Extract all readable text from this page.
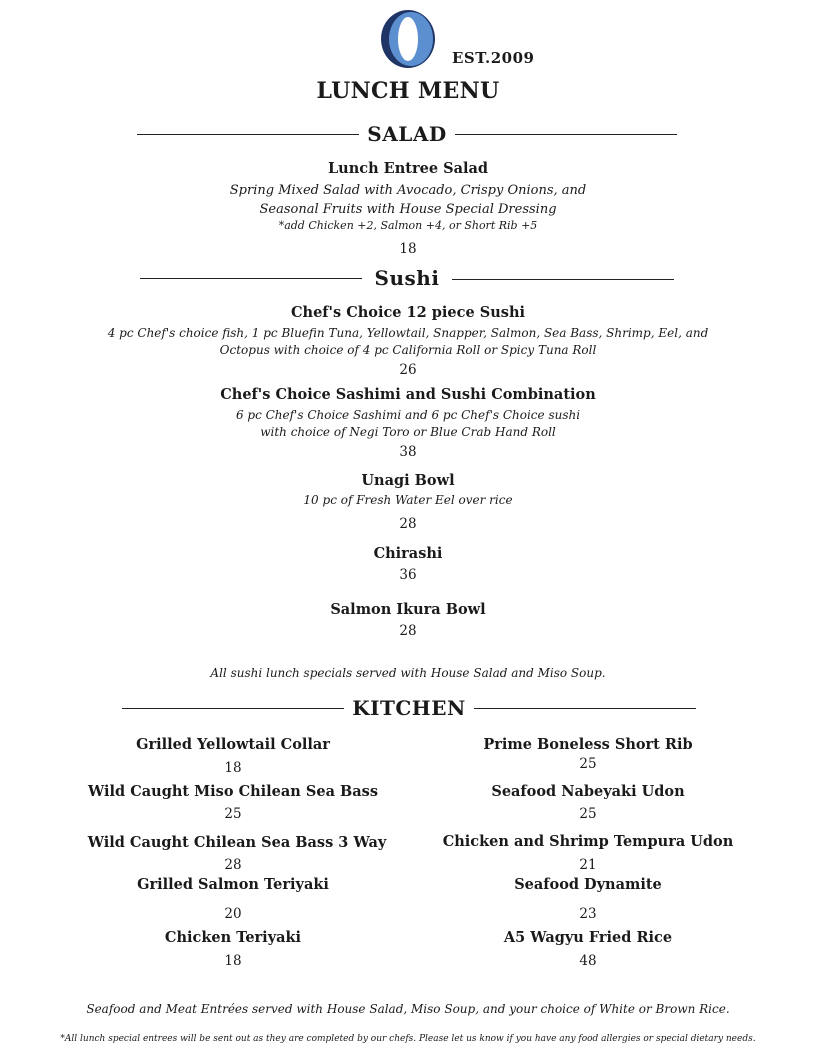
EST.2009
LUNCH MENU
SALAD
Lunch Entree Salad
Spring Mixed Salad with Avocado, Crispy Onions, and
Seasonal Fruits with House Special Dressing
*add Chicken +2, Salmon +4, or Short Rib +5
18
Sushi
Chef's Choice 12 piece Sushi
4 pc Chef's choice fish, 1 pc Bluefin Tuna, Yellowtail, Snapper, Salmon, Sea Bass, Shrimp, Eel, and
Octopus with choice of 4 pc California Roll or Spicy Tuna Roll
26
Chef's Choice Sashimi and Sushi Combination
6 pc Chef's Choice Sashimi and 6 pc Chef's Choice sushi
with choice of Negi Toro or Blue Crab Hand Roll
38
Unagi Bowl
10 pc of Fresh Water Eel over rice
28
Chirashi
36
Salmon Ikura Bowl
28
All sushi lunch specials served with House Salad and Miso Soup.
KITCHEN
Grilled Yellowtail Collar
18
Wild Caught Miso Chilean Sea Bass
25
Wild Caught Chilean Sea Bass 3 Way
28
Grilled Salmon Teriyaki
20
Chicken Teriyaki
18
Prime Boneless Short Rib
25
Seafood Nabeyaki Udon
25
Chicken and Shrimp Tempura Udon
21
Seafood Dynamite
23
A5 Wagyu Fried Rice
48
Seafood and Meat Entrées served with House Salad, Miso Soup, and your choice of White or Brown Rice.
*All lunch special entrees will be sent out as they are completed by our chefs. Please let us know if you have any food allergies or special dietary needs.
